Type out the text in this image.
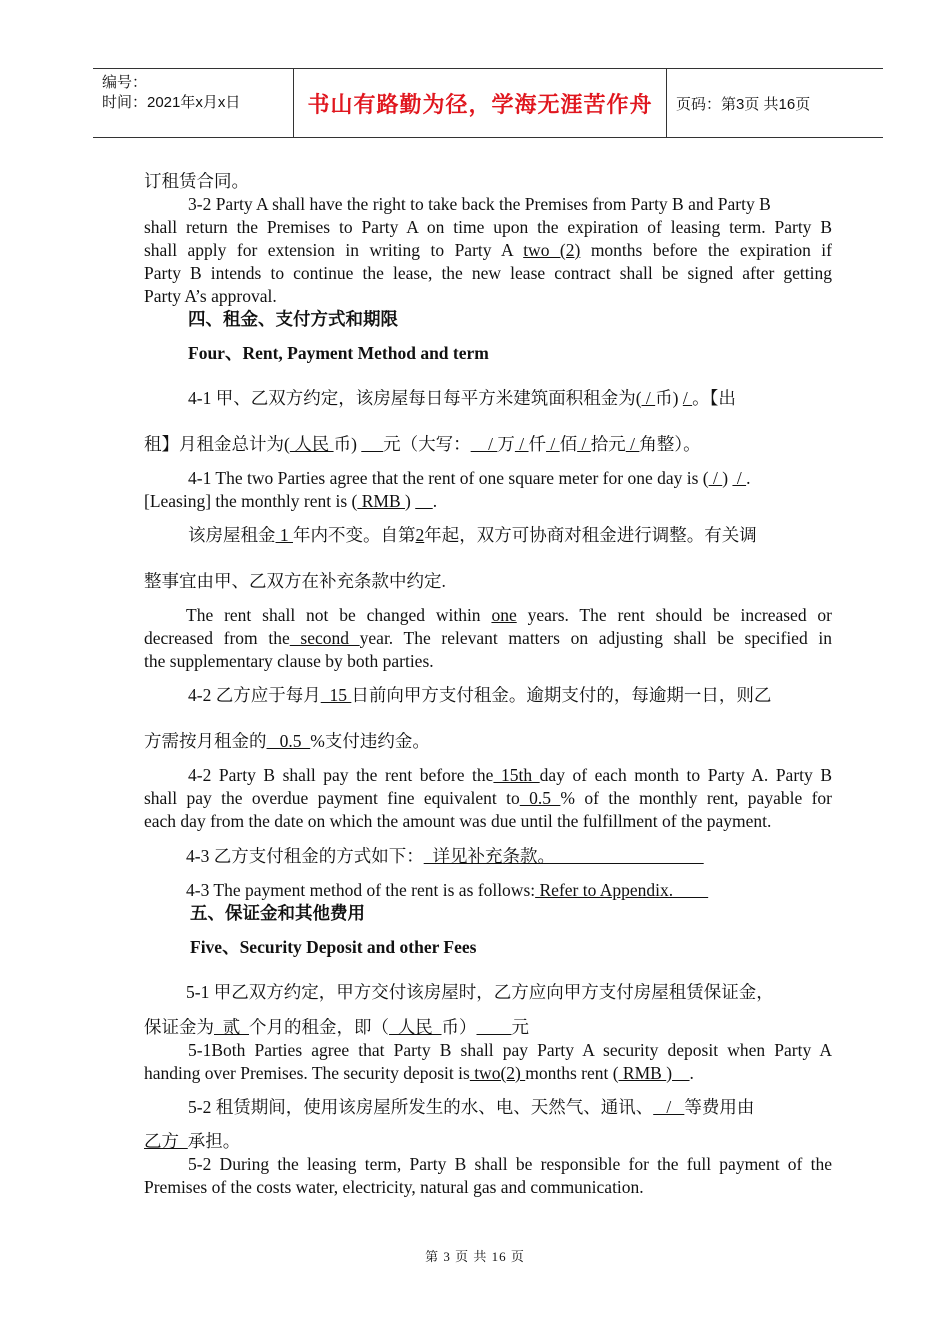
编号：
时间：2021年x月x日	书山有路勤为径，学海无涯苦作舟	页码：第3页 共16页
订租赁合同。
3-2 Party A shall have the right to take back the Premises from Party B and Party B
shall return the Premises to Party A on time upon the expiration of leasing term. Party B
shall apply for extension in writing to Party A two (2) months before the expiration if
Party B intends to continue the lease, the new lease contract shall be signed after getting
Party A’s approval.
四、租金、支付方式和期限
Four、Rent, Payment Method and term
4-1 甲、乙双方约定，该房屋每日每平方米建筑面积租金为( / 币) / 。【出
租】月租金总计为( 人民 币)      元（大写：    / 万 / 仟 / 佰 / 拾元 / 角整）。
4-1 The two Parties agree that the rent of one square meter for one day is ( / )  / .
[Leasing] the monthly rent is ( RMB )     .
该房屋租金 1 年内不变。自第2年起，双方可协商对租金进行调整。有关调
整事宜由甲、乙双方在补充条款中约定.
The rent shall not be changed within one years. The rent should be increased or
decreased from the second year. The relevant matters on adjusting shall be specified in
the supplementary clause by both parties.
4-2 乙方应于每月  15 日前向甲方支付租金。逾期支付的，每逾期一日，则乙
方需按月租金的   0.5  %支付违约金。
4-2 Party B shall pay the rent before the 15th day of each month to Party A. Party B
shall pay the overdue payment fine equivalent to 0.5 % of the monthly rent, payable for
each day from the date on which the amount was due until the fulfillment of the payment.
4-3 乙方支付租金的方式如下：  详见补充条款。
4-3 The payment method of the rent is as follows: Refer to Appendix.
五、保证金和其他费用
Five、Security Deposit and other Fees
5-1 甲乙双方约定，甲方交付该房屋时，乙方应向甲方支付房屋租赁保证金，
保证金为  贰  个月的租金，即（  人民  币） 元
5-1Both Parties agree that Party B shall pay Party A security deposit when Party A
handing over Premises. The security deposit is two(2) months rent ( RMB ) .
5-2 租赁期间，使用该房屋所发生的水、电、天然气、通讯、   /   等费用由
乙方  承担。
5-2 During the leasing term, Party B shall be responsible for the full payment of the
Premises of the costs water, electricity, natural gas and communication.
第 3 页 共 16 页
